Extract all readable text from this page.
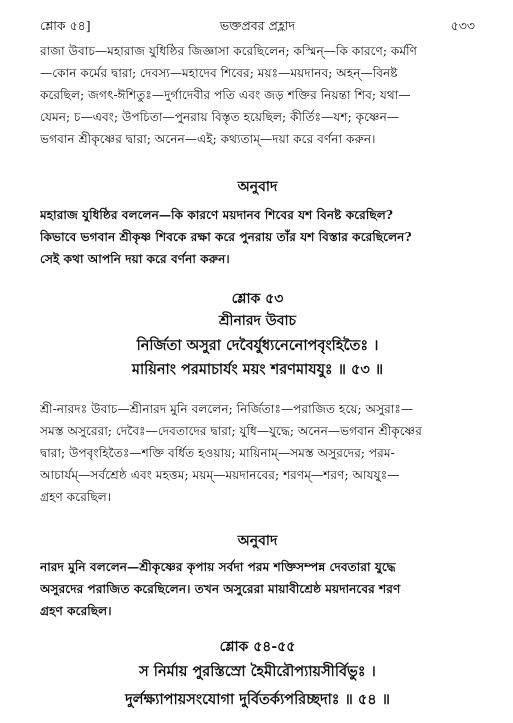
শ্লোক ৫৪]	ভক্তপ্রবর প্রহ্লাদ	৫৩৩
রাজা উবাচ—মহারাজ যুধিষ্ঠির জিজ্ঞাসা করেছিলেন; কস্মিন্—কি কারণে; কর্মণি
—কোন কর্মের দ্বারা; দেবস্য—মহাদেব শিবের; ময়ঃ—ময়দানব; অহন্—বিনষ্ট
করেছিল; জগৎ-ঈশিতুঃ—দুর্গাদেবীর পতি এবং জড় শক্তির নিয়ন্তা শিব; যথা—
যেমন; চ—এবং; উপচিতা—পুনরায় বিস্তৃত হয়েছিল; কীর্তিঃ—যশ; কৃষ্ণেন—
ভগবান শ্রীকৃষ্ণের দ্বারা; অনেন—এই; কথ্যতাম্—দয়া করে বর্ণনা করুন।
অনুবাদ
মহারাজ যুধিষ্ঠির বললেন—কি কারণে ময়দানব শিবের যশ বিনষ্ট করেছিল?
কিভাবে ভগবান শ্রীকৃষ্ণ শিবকে রক্ষা করে পুনরায় তাঁর যশ বিস্তার করেছিলেন?
সেই কথা আপনি দয়া করে বর্ণনা করুন।
শ্লোক ৫৩
শ্রীনারদ উবাচ
নির্জিতা অসুরা দেবৈর্যুধ্যনেনোপবৃংহিতৈঃ ।
মায়িনাং পরমাচার্যং ময়ং শরণমাযযুঃ ॥ ৫৩ ॥
শ্রী-নারদঃ উবাচ—শ্রীনারদ মুনি বললেন; নির্জিতাঃ—পরাজিত হয়ে; অসুরাঃ—
সমস্ত অসুরেরা; দেবৈঃ—দেবতাদের দ্বারা; যুধি—যুদ্ধে; অনেন—ভগবান শ্রীকৃষ্ণের
দ্বারা; উপবৃংহিতৈঃ—শক্তি বর্ধিত হওয়ায়; মায়িনাম্—সমস্ত অসুরদের; পরম-
আচার্যম্—সর্বশ্রেষ্ঠ এবং মহত্তম; ময়ম্—ময়দানবের; শরণম্—শরণ; আযযুঃ—
গ্রহণ করেছিল।
অনুবাদ
নারদ মুনি বললেন—শ্রীকৃষ্ণের কৃপায় সর্বদা পরম শক্তিসম্পন্ন দেবতারা যুদ্ধে
অসুরদের পরাজিত করেছিলেন। তখন অসুরেরা মায়াবীশ্রেষ্ঠ ময়দানবের শরণ
গ্রহণ করেছিল।
শ্লোক ৫৪-৫৫
স নির্মায় পুরস্তিস্রো হৈমীরৌপ্যায়সীর্বিভুঃ ।
দুর্লক্ষ্যাপায়সংযোগা দুর্বিতর্ক্যপরিচ্ছদাঃ ॥ ৫৪ ॥
